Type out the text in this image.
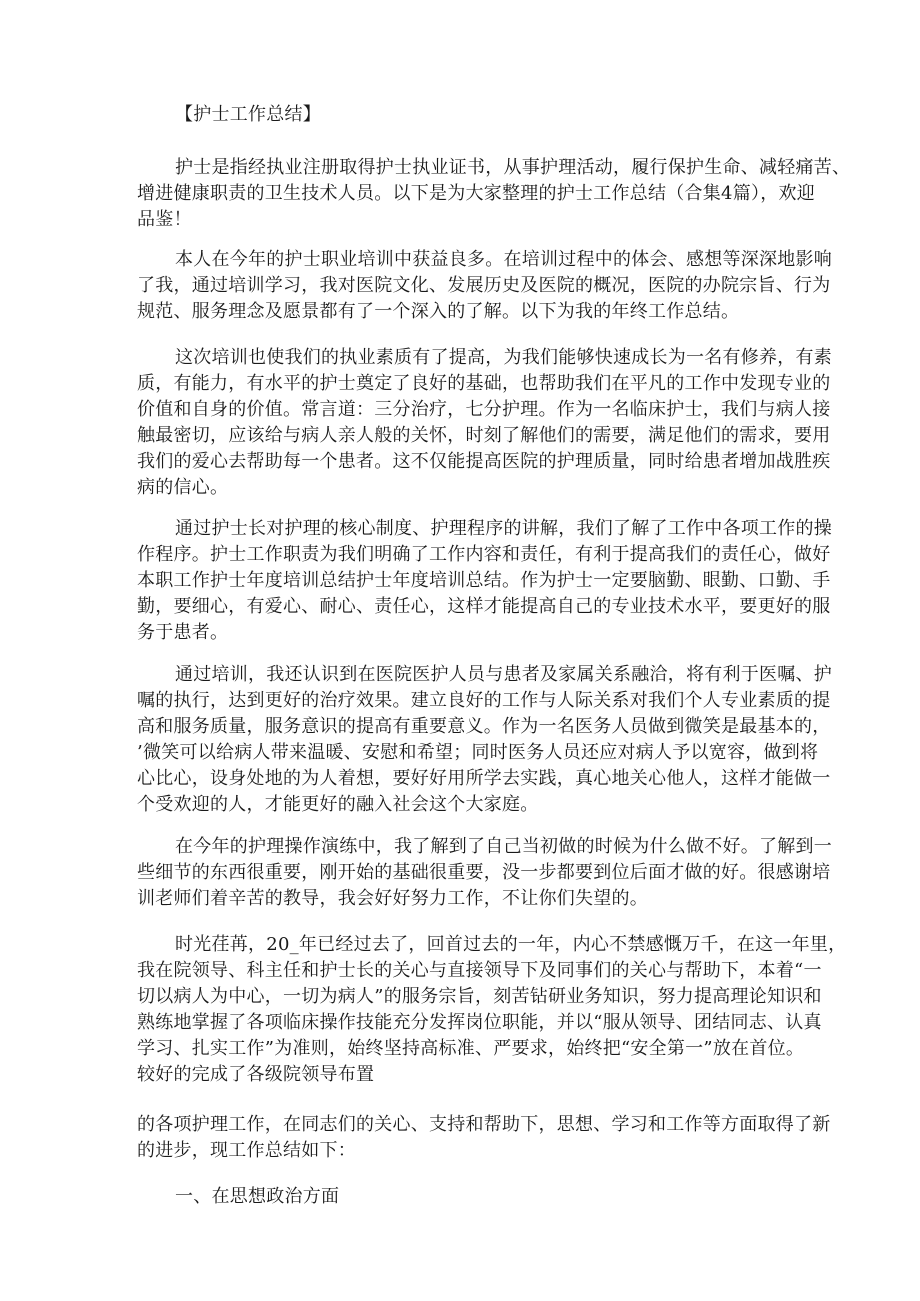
【护士工作总结】
护士是指经执业注册取得护士执业证书，从事护理活动，履行保护生命、减轻痛苦、
增进健康职责的卫生技术人员。以下是为大家整理的护士工作总结（合集4篇），欢迎
品鉴！
本人在今年的护士职业培训中获益良多。在培训过程中的体会、感想等深深地影响
了我，通过培训学习，我对医院文化、发展历史及医院的概况，医院的办院宗旨、行为
规范、服务理念及愿景都有了一个深入的了解。以下为我的年终工作总结。
这次培训也使我们的执业素质有了提高，为我们能够快速成长为一名有修养，有素
质，有能力，有水平的护士奠定了良好的基础，也帮助我们在平凡的工作中发现专业的
价值和自身的价值。常言道：三分治疗，七分护理。作为一名临床护士，我们与病人接
触最密切，应该给与病人亲人般的关怀，时刻了解他们的需要，满足他们的需求，要用
我们的爱心去帮助每一个患者。这不仅能提高医院的护理质量，同时给患者增加战胜疾
病的信心。
通过护士长对护理的核心制度、护理程序的讲解，我们了解了工作中各项工作的操
作程序。护士工作职责为我们明确了工作内容和责任，有利于提高我们的责任心，做好
本职工作护士年度培训总结护士年度培训总结。作为护士一定要脑勤、眼勤、口勤、手
勤，要细心，有爱心、耐心、责任心，这样才能提高自己的专业技术水平，要更好的服
务于患者。
通过培训，我还认识到在医院医护人员与患者及家属关系融洽，将有利于医嘱、护
嘱的执行，达到更好的治疗效果。建立良好的工作与人际关系对我们个人专业素质的提
高和服务质量，服务意识的提高有重要意义。作为一名医务人员做到微笑是最基本的，
’微笑可以给病人带来温暖、安慰和希望；同时医务人员还应对病人予以宽容，做到将
心比心，设身处地的为人着想，要好好用所学去实践，真心地关心他人，这样才能做一
个受欢迎的人，才能更好的融入社会这个大家庭。
在今年的护理操作演练中，我了解到了自己当初做的时候为什么做不好。了解到一
些细节的东西很重要，刚开始的基础很重要，没一步都要到位后面才做的好。很感谢培
训老师们着辛苦的教导，我会好好努力工作，不让你们失望的。
时光荏苒，20_年已经过去了，回首过去的一年，内心不禁感慨万千，在这一年里，
我在院领导、科主任和护士长的关心与直接领导下及同事们的关心与帮助下，本着“一
切以病人为中心，一切为病人”的服务宗旨，刻苦钻研业务知识，努力提高理论知识和
熟练地掌握了各项临床操作技能充分发挥岗位职能，并以“服从领导、团结同志、认真
学习、扎实工作”为准则，始终坚持高标准、严要求，始终把“安全第一”放在首位。
较好的完成了各级院领导布置
的各项护理工作，在同志们的关心、支持和帮助下，思想、学习和工作等方面取得了新
的进步，现工作总结如下：
一、在思想政治方面
